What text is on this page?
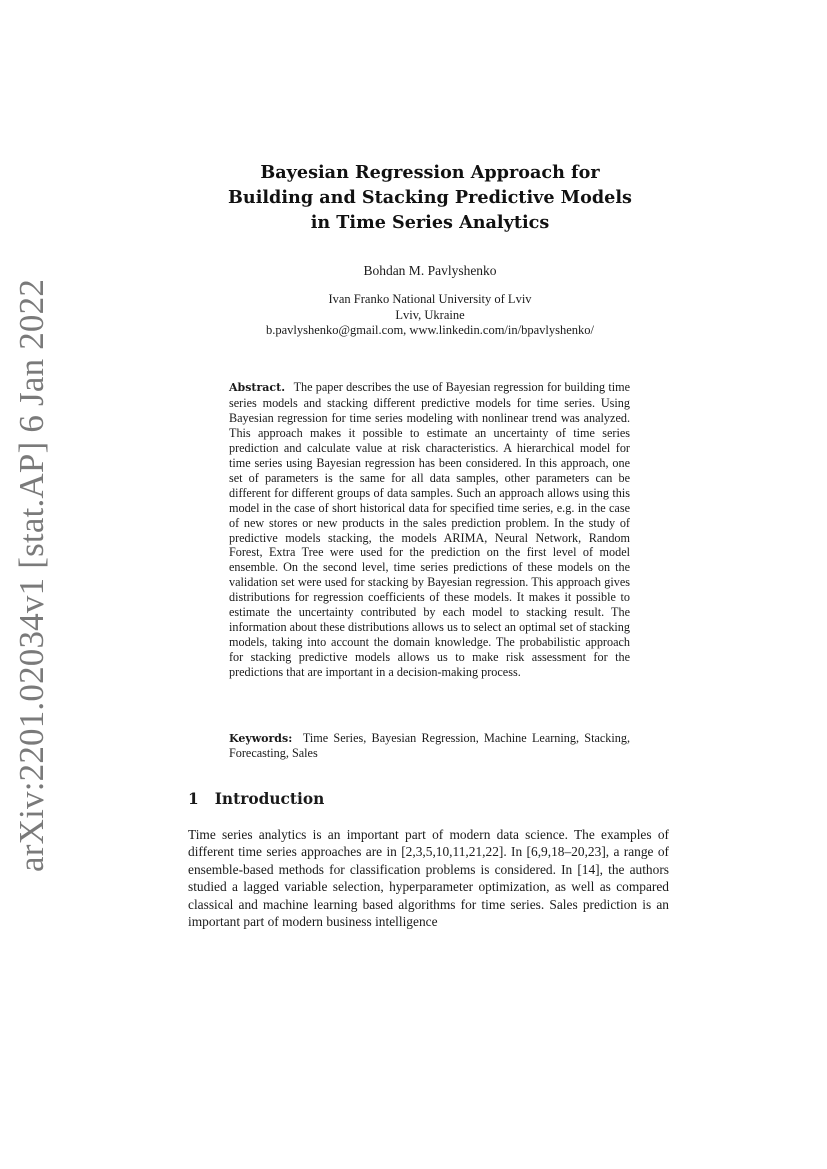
arXiv:2201.02034v1 [stat.AP] 6 Jan 2022
Bayesian Regression Approach for
Building and Stacking Predictive Models
in Time Series Analytics
Bohdan M. Pavlyshenko
Ivan Franko National University of Lviv
Lviv, Ukraine
b.pavlyshenko@gmail.com, www.linkedin.com/in/bpavlyshenko/
Abstract.  The paper describes the use of Bayesian regression for building time series models and stacking different predictive models for time series. Using Bayesian regression for time series modeling with nonlinear trend was analyzed. This approach makes it possible to estimate an uncertainty of time series prediction and calculate value at risk characteristics. A hierarchical model for time series using Bayesian regression has been considered. In this approach, one set of parameters is the same for all data samples, other parameters can be different for different groups of data samples. Such an approach allows using this model in the case of short historical data for specified time series, e.g. in the case of new stores or new products in the sales prediction problem. In the study of predictive models stacking, the models ARIMA, Neural Network, Random Forest, Extra Tree were used for the prediction on the first level of model ensemble. On the second level, time series predictions of these models on the validation set were used for stacking by Bayesian regression. This approach gives distributions for regression coefficients of these models. It makes it possible to estimate the uncertainty contributed by each model to stacking result. The information about these distributions allows us to select an optimal set of stacking models, taking into account the domain knowledge. The probabilistic approach for stacking predictive models allows us to make risk assessment for the predictions that are important in a decision-making process.
Keywords:  Time Series, Bayesian Regression, Machine Learning, Stacking, Forecasting, Sales
1 Introduction

Time series analytics is an important part of modern data science. The examples of different time series approaches are in [2,3,5,10,11,21,22]. In [6,9,18–20,23], a range of ensemble-based methods for classification problems is considered. In [14], the authors studied a lagged variable selection, hyperparameter optimization, as well as compared classical and machine learning based algorithms for time series. Sales prediction is an important part of modern business intelligence
